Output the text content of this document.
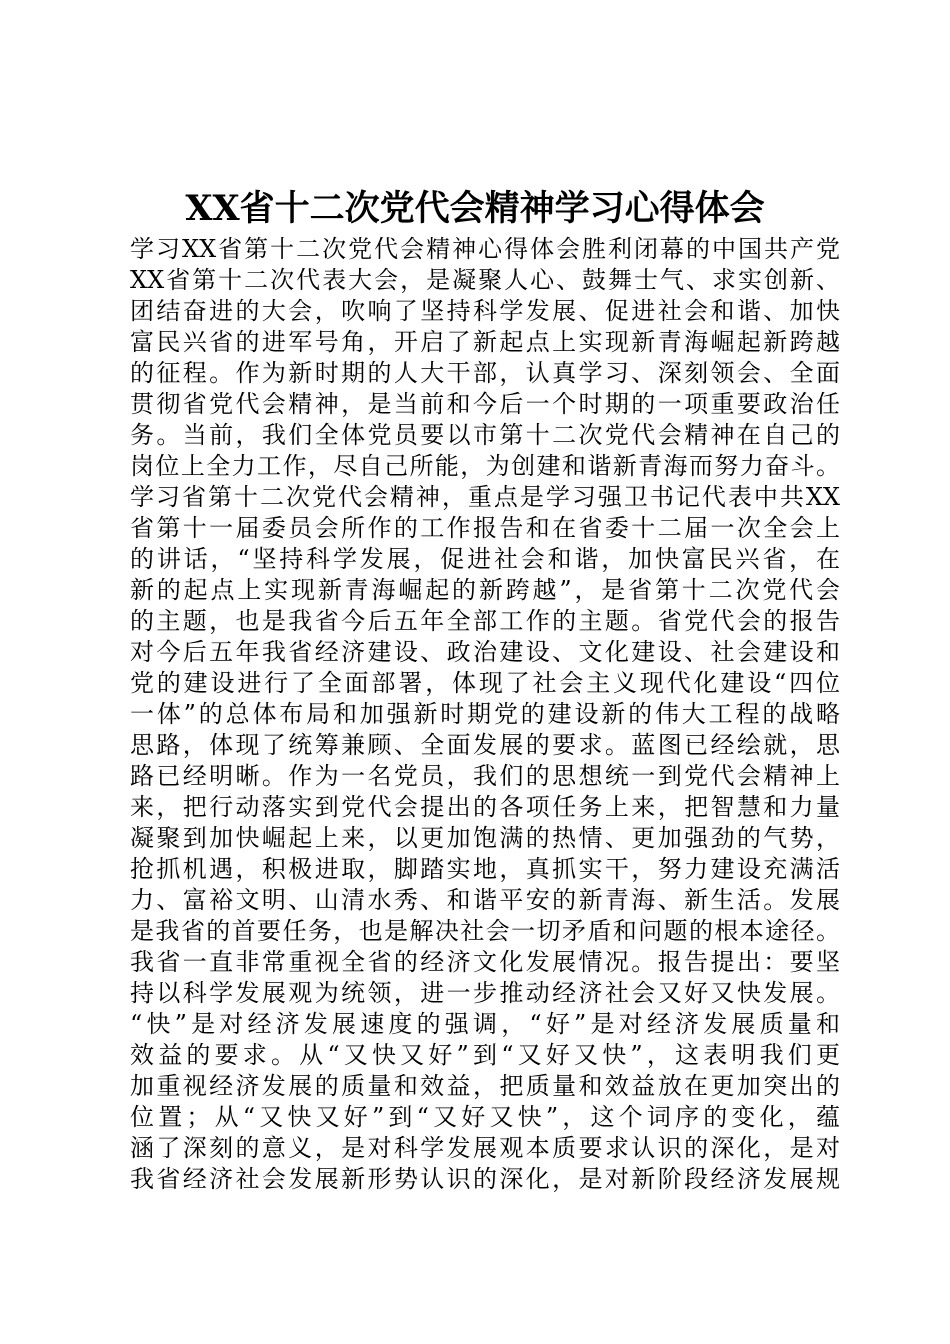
XX省十二次党代会精神学习心得体会
学习XX省第十二次党代会精神心得体会胜利闭幕的中国共产党
XX省第十二次代表大会，是凝聚人心、鼓舞士气、求实创新、
团结奋进的大会，吹响了坚持科学发展、促进社会和谐、加快
富民兴省的进军号角，开启了新起点上实现新青海崛起新跨越
的征程。作为新时期的人大干部，认真学习、深刻领会、全面
贯彻省党代会精神，是当前和今后一个时期的一项重要政治任
务。当前，我们全体党员要以市第十二次党代会精神在自己的
岗位上全力工作，尽自己所能，为创建和谐新青海而努力奋斗。
学习省第十二次党代会精神，重点是学习强卫书记代表中共XX
省第十一届委员会所作的工作报告和在省委十二届一次全会上
的讲话，“坚持科学发展，促进社会和谐，加快富民兴省，在
新的起点上实现新青海崛起的新跨越”，是省第十二次党代会
的主题，也是我省今后五年全部工作的主题。省党代会的报告
对今后五年我省经济建设、政治建设、文化建设、社会建设和
党的建设进行了全面部署，体现了社会主义现代化建设“四位
一体”的总体布局和加强新时期党的建设新的伟大工程的战略
思路，体现了统筹兼顾、全面发展的要求。蓝图已经绘就，思
路已经明晰。作为一名党员，我们的思想统一到党代会精神上
来，把行动落实到党代会提出的各项任务上来，把智慧和力量
凝聚到加快崛起上来，以更加饱满的热情、更加强劲的气势，
抢抓机遇，积极进取，脚踏实地，真抓实干，努力建设充满活
力、富裕文明、山清水秀、和谐平安的新青海、新生活。发展
是我省的首要任务，也是解决社会一切矛盾和问题的根本途径。
我省一直非常重视全省的经济文化发展情况。报告提出：要坚
持以科学发展观为统领，进一步推动经济社会又好又快发展。
“快”是对经济发展速度的强调，“好”是对经济发展质量和
效益的要求。从“又快又好”到“又好又快”，这表明我们更
加重视经济发展的质量和效益，把质量和效益放在更加突出的
位置；从“又快又好”到“又好又快”，这个词序的变化，蕴
涵了深刻的意义，是对科学发展观本质要求认识的深化，是对
我省经济社会发展新形势认识的深化，是对新阶段经济发展规
